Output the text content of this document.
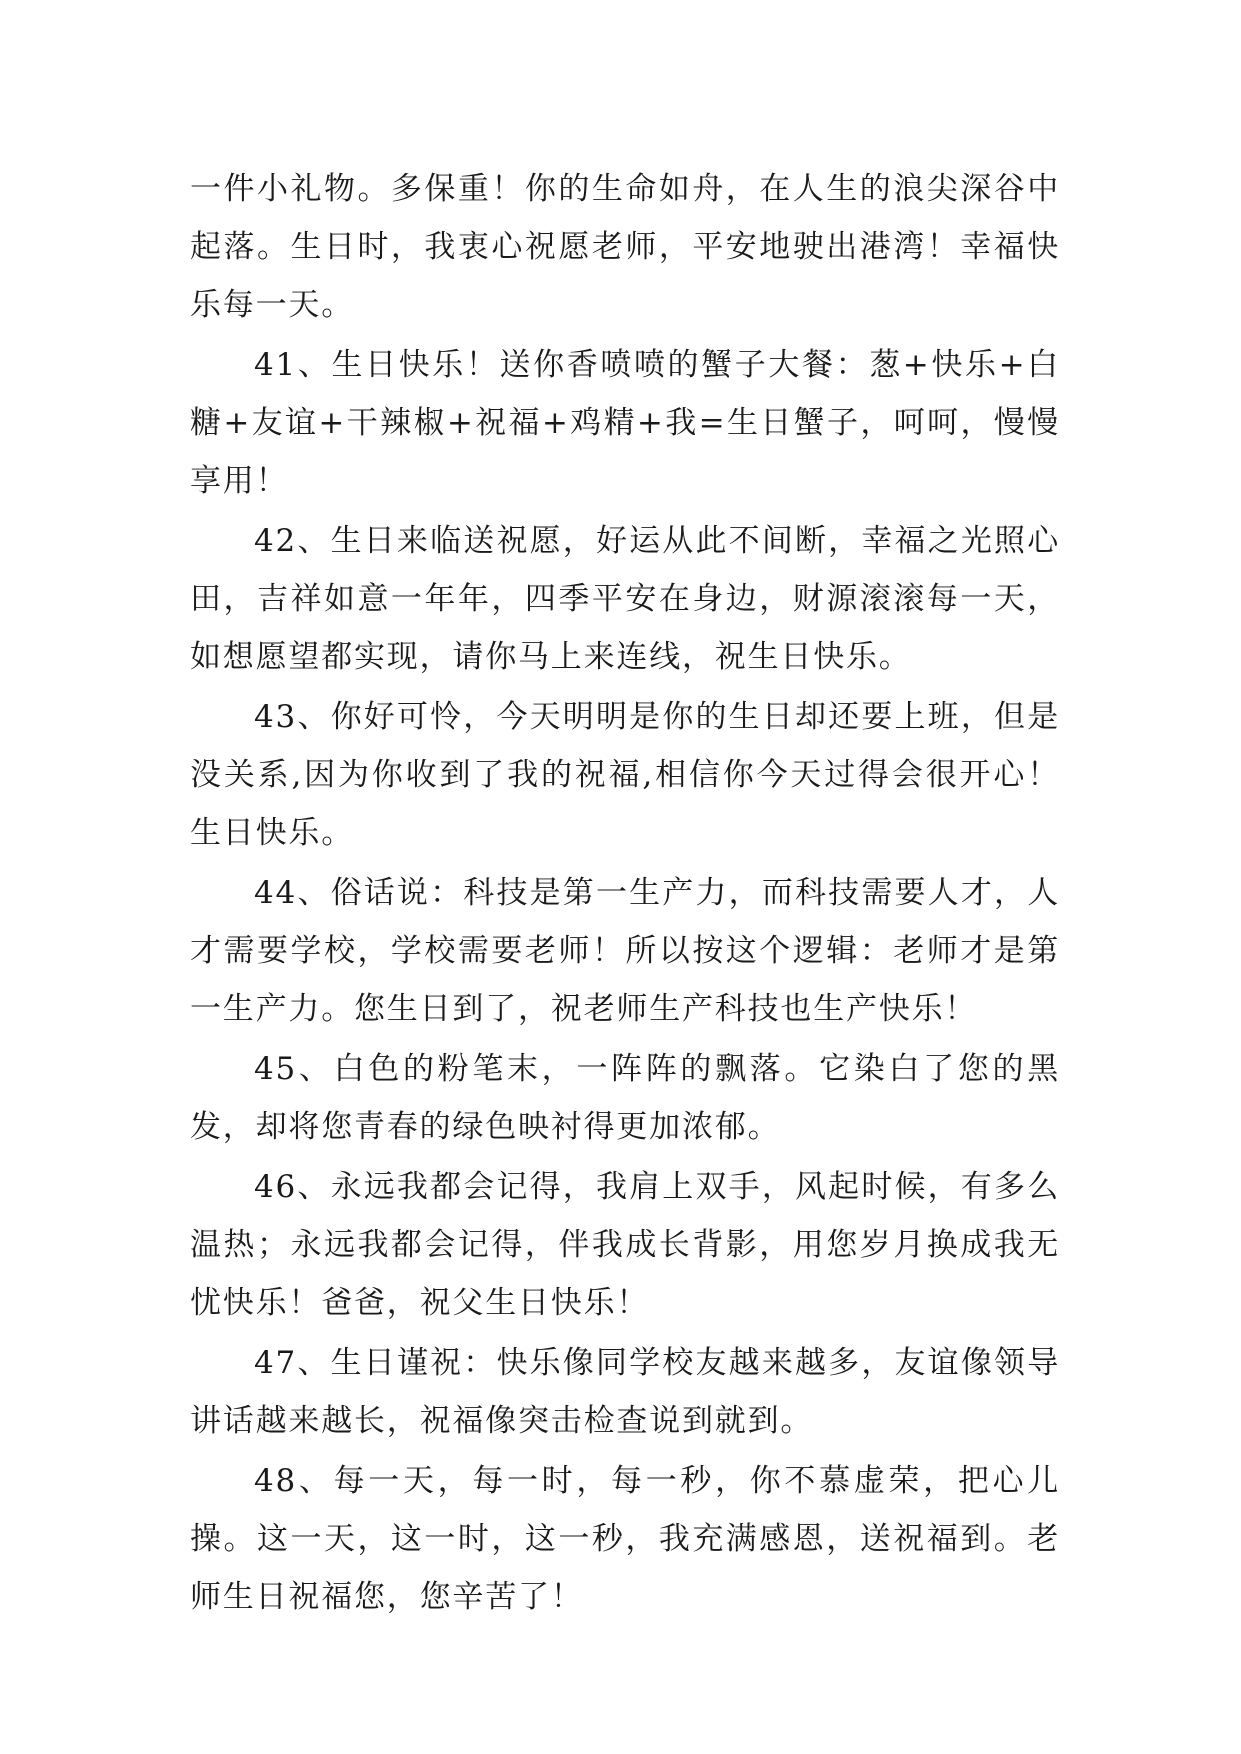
一件小礼物。多保重！你的生命如舟，在人生的浪尖深谷中起落。生日时，我衷心祝愿老师，平安地驶出港湾！幸福快乐每一天。

41、生日快乐！送你香喷喷的蟹子大餐：葱+快乐+白糖+友谊+干辣椒+祝福+鸡精+我=生日蟹子，呵呵，慢慢享用！

42、生日来临送祝愿，好运从此不间断，幸福之光照心田，吉祥如意一年年，四季平安在身边，财源滚滚每一天，如想愿望都实现，请你马上来连线，祝生日快乐。

43、你好可怜，今天明明是你的生日却还要上班，但是没关系,因为你收到了我的祝福,相信你今天过得会很开心！生日快乐。

44、俗话说：科技是第一生产力，而科技需要人才，人才需要学校，学校需要老师！所以按这个逻辑：老师才是第一生产力。您生日到了，祝老师生产科技也生产快乐！

45、白色的粉笔末，一阵阵的飘落。它染白了您的黑发，却将您青春的绿色映衬得更加浓郁。

46、永远我都会记得，我肩上双手，风起时候，有多么温热；永远我都会记得，伴我成长背影，用您岁月换成我无忧快乐！爸爸，祝父生日快乐！

47、生日谨祝：快乐像同学校友越来越多，友谊像领导讲话越来越长，祝福像突击检查说到就到。

48、每一天，每一时，每一秒，你不慕虚荣，把心儿操。这一天，这一时，这一秒，我充满感恩，送祝福到。老师生日祝福您，您辛苦了！
